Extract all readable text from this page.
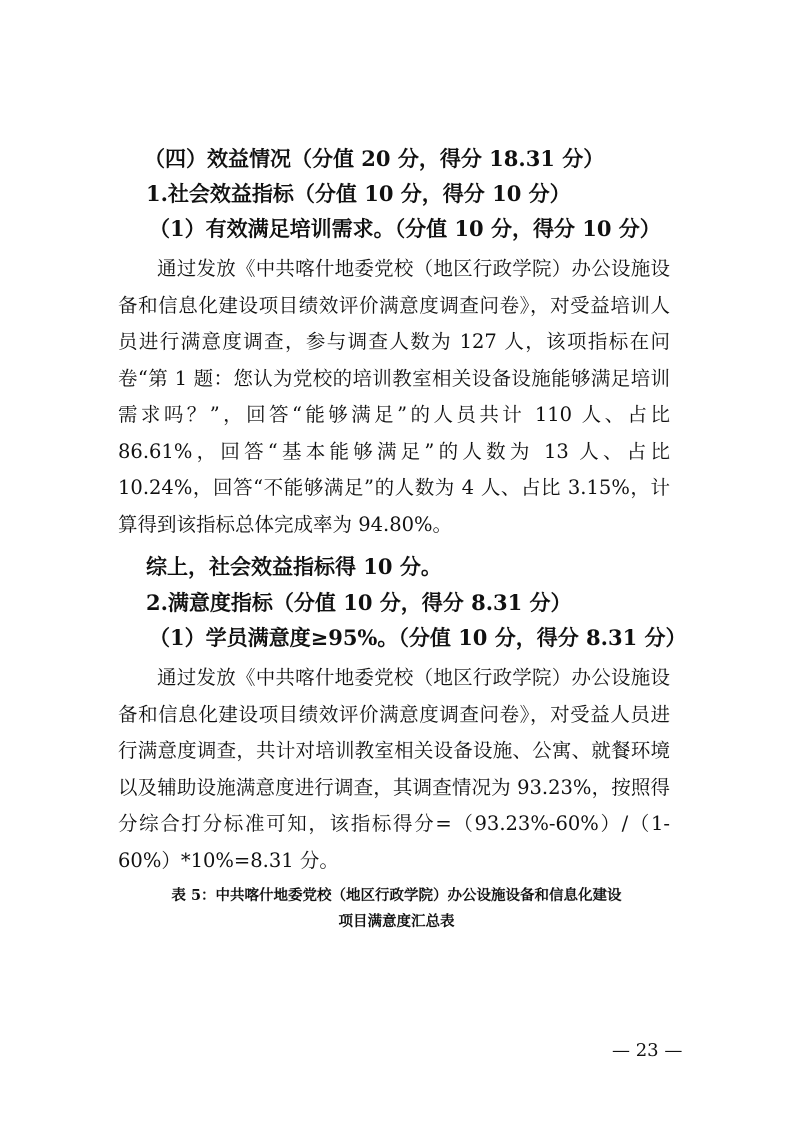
（四）效益情况（分值 20 分，得分 18.31 分）
1.社会效益指标（分值 10 分，得分 10 分）
（1）有效满足培训需求。（分值 10 分，得分 10 分）

通过发放《中共喀什地委党校（地区行政学院）办公设施设备和信息化建设项目绩效评价满意度调查问卷》，对受益培训人员进行满意度调查，参与调查人数为 127 人，该项指标在问卷“第 1 题：您认为党校的培训教室相关设备设施能够满足培训需求吗？”，回答“能够满足”的人员共计 110 人、占比 86.61%，回答“基本能够满足”的人数为 13 人、占比 10.24%，回答“不能够满足”的人数为 4 人、占比 3.15%，计算得到该指标总体完成率为 94.80%。

综上，社会效益指标得 10 分。
2.满意度指标（分值 10 分，得分 8.31 分）
（1）学员满意度≥95%。（分值 10 分，得分 8.31 分）

通过发放《中共喀什地委党校（地区行政学院）办公设施设备和信息化建设项目绩效评价满意度调查问卷》，对受益人员进行满意度调查，共计对培训教室相关设备设施、公寓、就餐环境以及辅助设施满意度进行调查，其调查情况为 93.23%，按照得分综合打分标准可知，该指标得分=（93.23%-60%）/（1-60%）*10%=8.31 分。

表 5：中共喀什地委党校（地区行政学院）办公设施设备和信息化建设
项目满意度汇总表
— 23 —
